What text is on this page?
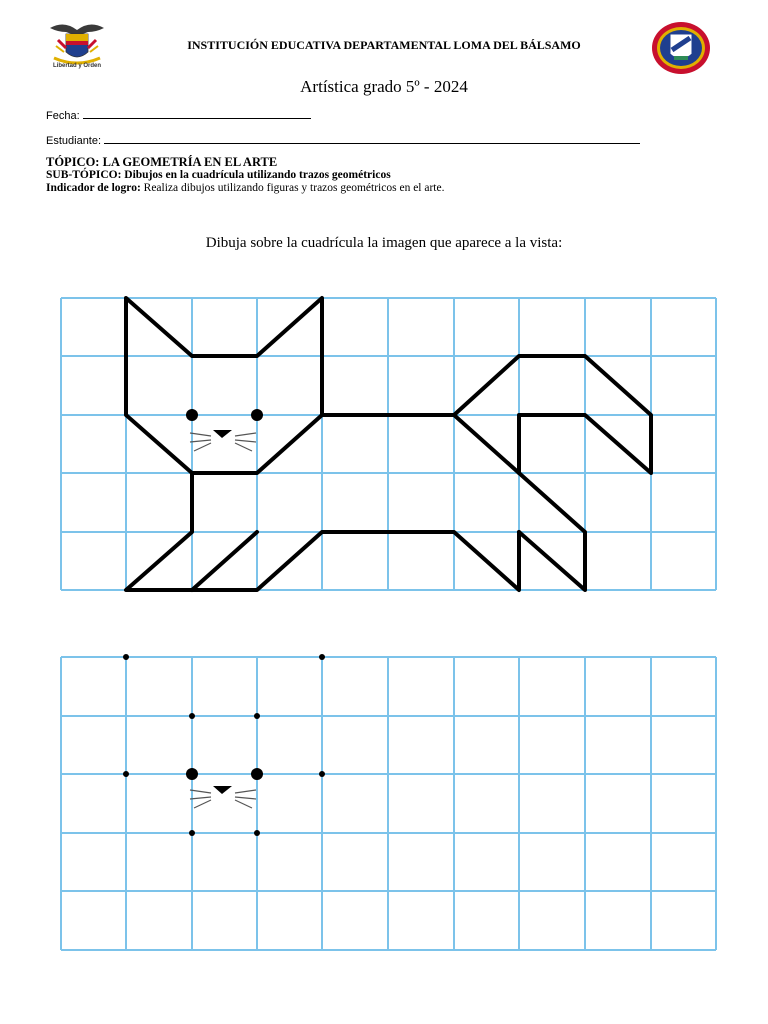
Libertad y Orden
INSTITUCIÓN EDUCATIVA DEPARTAMENTAL LOMA DEL BÁLSAMO
Artística grado 5º - 2024
Fecha:
Estudiante:
TÓPICO: LA GEOMETRÍA EN EL ARTE
SUB-TÓPICO: Dibujos en la cuadrícula utilizando trazos geométricos
Indicador de logro: Realiza dibujos utilizando figuras y trazos geométricos en el arte.
Dibuja sobre la cuadrícula la imagen que aparece a la vista:
